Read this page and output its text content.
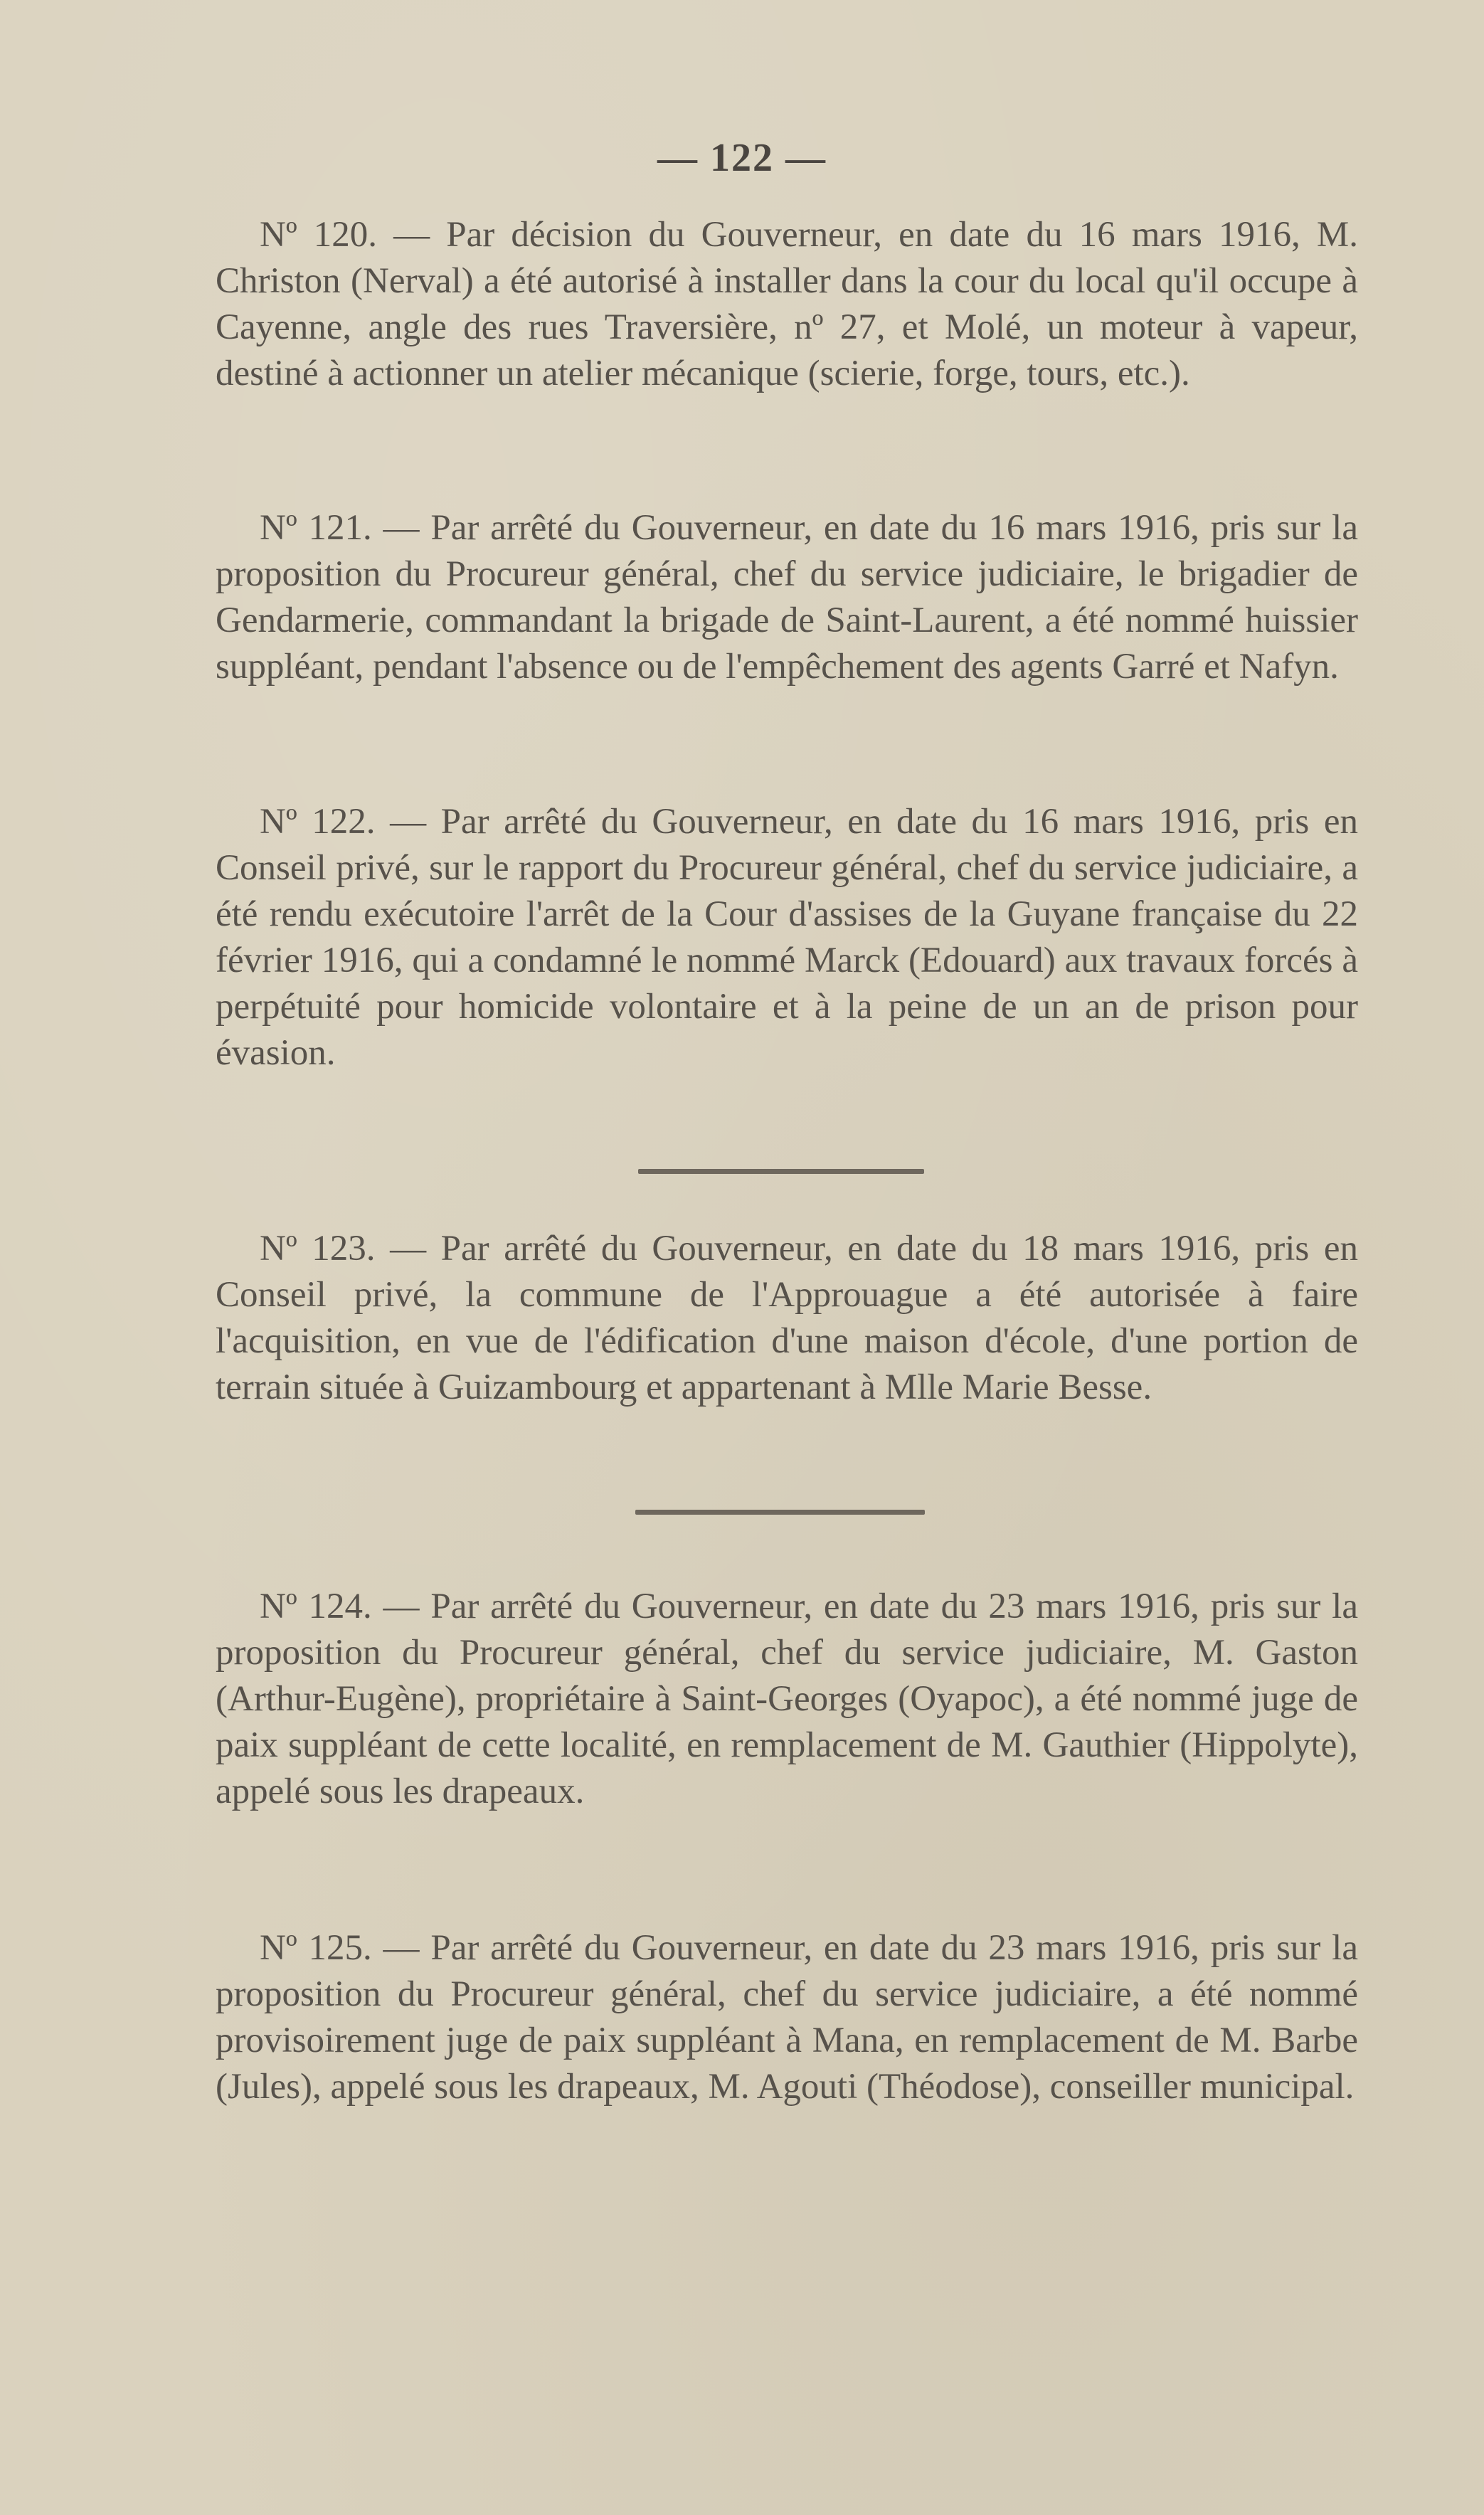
— 122 —

Nº 120. — Par décision du Gouverneur, en date du 16 mars 1916, M. Christon (Nerval) a été autorisé à installer dans la cour du local qu'il occupe à Cayenne, angle des rues Traversière, nº 27, et Molé, un moteur à vapeur, destiné à actionner un atelier mécanique (scierie, forge, tours, etc.).

Nº 121. — Par arrêté du Gouverneur, en date du 16 mars 1916, pris sur la proposition du Procureur général, chef du service judiciaire, le brigadier de Gendarmerie, commandant la brigade de Saint-Laurent, a été nommé huissier suppléant, pendant l'absence ou de l'empêchement des agents Garré et Nafyn.

Nº 122. — Par arrêté du Gouverneur, en date du 16 mars 1916, pris en Conseil privé, sur le rapport du Procureur général, chef du service judiciaire, a été rendu exécutoire l'arrêt de la Cour d'assises de la Guyane française du 22 février 1916, qui a condamné le nommé Marck (Edouard) aux travaux forcés à perpétuité pour homicide volontaire et à la peine de un an de prison pour évasion.

Nº 123. — Par arrêté du Gouverneur, en date du 18 mars 1916, pris en Conseil privé, la commune de l'Approuague a été autorisée à faire l'acquisition, en vue de l'édification d'une maison d'école, d'une portion de terrain située à Guizambourg et appartenant à Mlle Marie Besse.

Nº 124. — Par arrêté du Gouverneur, en date du 23 mars 1916, pris sur la proposition du Procureur général, chef du service judiciaire, M. Gaston (Arthur-Eugène), propriétaire à Saint-Georges (Oyapoc), a été nommé juge de paix suppléant de cette localité, en remplacement de M. Gauthier (Hippolyte), appelé sous les drapeaux.

Nº 125. — Par arrêté du Gouverneur, en date du 23 mars 1916, pris sur la proposition du Procureur général, chef du service judiciaire, a été nommé provisoirement juge de paix suppléant à Mana, en remplacement de M. Barbe (Jules), appelé sous les drapeaux, M. Agouti (Théodose), conseiller municipal.
